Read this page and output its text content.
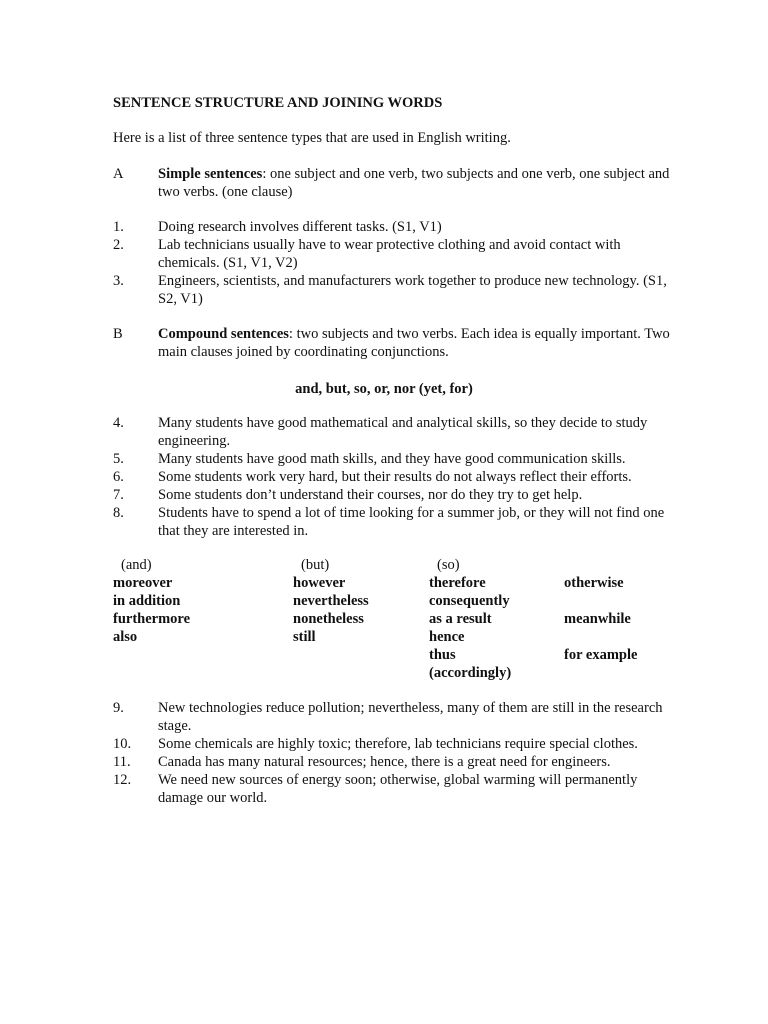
SENTENCE STRUCTURE AND JOINING WORDS
Here is a list of three sentence types that are used in English writing.
A Simple sentences: one subject and one verb, two subjects and one verb, one subject and two verbs. (one clause)
1. Doing research involves different tasks. (S1, V1)
2. Lab technicians usually have to wear protective clothing and avoid contact with chemicals. (S1, V1, V2)
3. Engineers, scientists, and manufacturers work together to produce new technology. (S1, S2, V1)
B Compound sentences: two subjects and two verbs. Each idea is equally important. Two main clauses joined by coordinating conjunctions.
and, but, so, or, nor (yet, for)
4. Many students have good mathematical and analytical skills, so they decide to study engineering.
5. Many students have good math skills, and they have good communication skills.
6. Some students work very hard, but their results do not always reflect their efforts.
7. Some students don’t understand their courses, nor do they try to get help.
8. Students have to spend a lot of time looking for a summer job, or they will not find one that they are interested in.
(and)
moreover
in addition
furthermore
also
(but)
however
nevertheless
nonetheless
still
(so)
therefore
consequently
as a result
hence
thus
(accordingly)
otherwise
meanwhile
for example
9. New technologies reduce pollution; nevertheless, many of them are still in the research stage.
10. Some chemicals are highly toxic; therefore, lab technicians require special clothes.
11. Canada has many natural resources; hence, there is a great need for engineers.
12. We need new sources of energy soon; otherwise, global warming will permanently damage our world.
